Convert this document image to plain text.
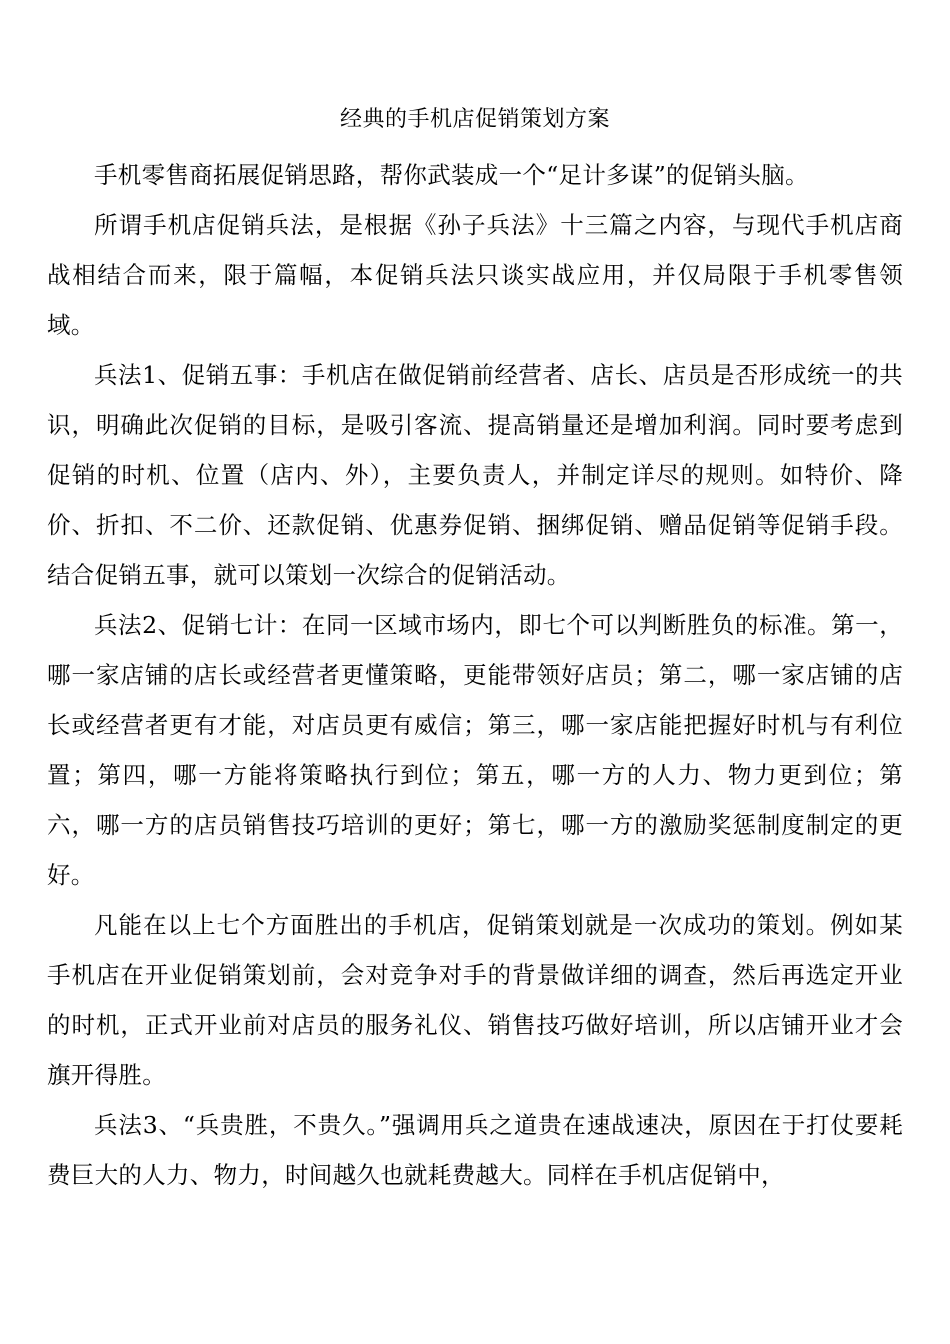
经典的手机店促销策划方案

手机零售商拓展促销思路，帮你武装成一个“足计多谋”的促销头脑。

所谓手机店促销兵法，是根据《孙子兵法》十三篇之内容，与现代手机店商战相结合而来，限于篇幅，本促销兵法只谈实战应用，并仅局限于手机零售领域。

兵法1、促销五事：手机店在做促销前经营者、店长、店员是否形成统一的共识，明确此次促销的目标，是吸引客流、提高销量还是增加利润。同时要考虑到促销的时机、位置（店内、外），主要负责人，并制定详尽的规则。如特价、降价、折扣、不二价、还款促销、优惠券促销、捆绑促销、赠品促销等促销手段。结合促销五事，就可以策划一次综合的促销活动。

兵法2、促销七计：在同一区域市场内，即七个可以判断胜负的标准。第一，哪一家店铺的店长或经营者更懂策略，更能带领好店员；第二，哪一家店铺的店长或经营者更有才能，对店员更有威信；第三，哪一家店能把握好时机与有利位置；第四，哪一方能将策略执行到位；第五，哪一方的人力、物力更到位；第六，哪一方的店员销售技巧培训的更好；第七，哪一方的激励奖惩制度制定的更好。

凡能在以上七个方面胜出的手机店，促销策划就是一次成功的策划。例如某手机店在开业促销策划前，会对竞争对手的背景做详细的调查，然后再选定开业的时机，正式开业前对店员的服务礼仪、销售技巧做好培训，所以店铺开业才会旗开得胜。

兵法3、“兵贵胜，不贵久。”强调用兵之道贵在速战速决，原因在于打仗要耗费巨大的人力、物力，时间越久也就耗费越大。同样在手机店促销中，
